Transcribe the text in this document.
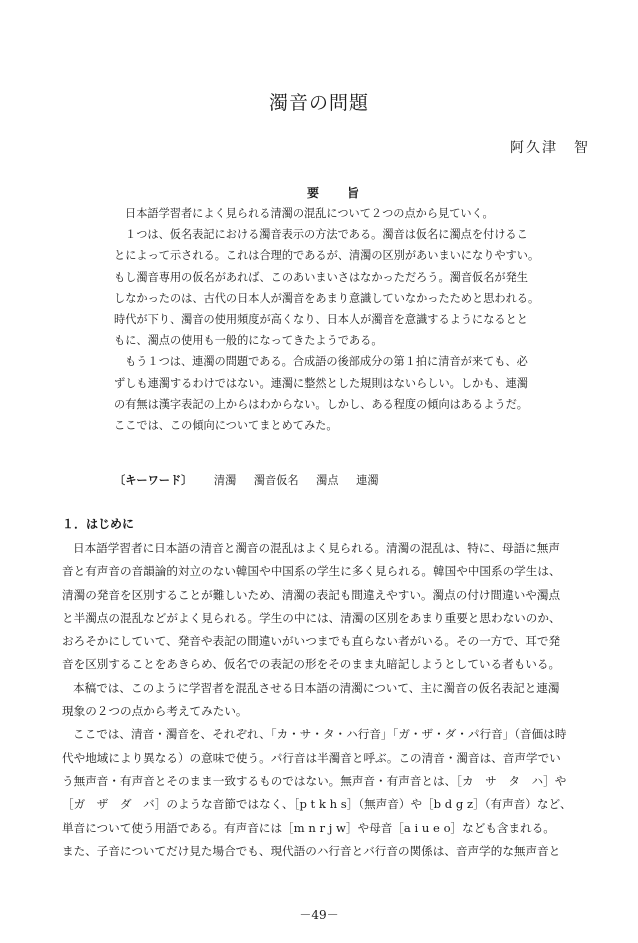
濁音の問題
阿久津　智
要旨

日本語学習者によく見られる清濁の混乱について２つの点から見ていく。
１つは、仮名表記における濁音表示の方法である。濁音は仮名に濁点を付けるこ
とによって示される。これは合理的であるが、清濁の区別があいまいになりやすい。
もし濁音専用の仮名があれば、このあいまいさはなかっただろう。濁音仮名が発生
しなかったのは、古代の日本人が濁音をあまり意識していなかったためと思われる。
時代が下り、濁音の使用頻度が高くなり、日本人が濁音を意識するようになるとと
もに、濁点の使用も一般的になってきたようである。

もう１つは、連濁の問題である。合成語の後部成分の第１拍に清音が来ても、必
ずしも連濁するわけではない。連濁に整然とした規則はないらしい。しかも、連濁
の有無は漢字表記の上からはわからない。しかし、ある程度の傾向はあるようだ。
ここでは、この傾向についてまとめてみた。

〔キーワード〕 清濁 濁音仮名 濁点 連濁
１．はじめに

日本語学習者に日本語の清音と濁音の混乱はよく見られる。清濁の混乱は、特に、母語に無声
音と有声音の音韻論的対立のない韓国や中国系の学生に多く見られる。韓国や中国系の学生は、
清濁の発音を区別することが難しいため、清濁の表記も間違えやすい。濁点の付け間違いや濁点
と半濁点の混乱などがよく見られる。学生の中には、清濁の区別をあまり重要と思わないのか、
おろそかにしていて、発音や表記の間違いがいつまでも直らない者がいる。その一方で、耳で発
音を区別することをあきらめ、仮名での表記の形をそのまま丸暗記しようとしている者もいる。

本稿では、このように学習者を混乱させる日本語の清濁について、主に濁音の仮名表記と連濁
現象の２つの点から考えてみたい。

ここでは、清音・濁音を、それぞれ、「カ・サ・タ・ハ行音」「ガ・ザ・ダ・パ行音」（音価は時
代や地域により異なる）の意味で使う。パ行音は半濁音と呼ぶ。この清音・濁音は、音声学でい
う無声音・有声音とそのまま一致するものではない。無声音・有声音とは、［カ　サ　タ　ハ］や
［ガ　ザ　ダ　バ］のような音節ではなく、［p t k h s］（無声音）や［b d g z］（有声音）など、
単音について使う用語である。有声音には［m n r j w］や母音［a i u e o］なども含まれる。
また、子音についてだけ見た場合でも、現代語のハ行音とバ行音の関係は、音声学的な無声音と

－49－
